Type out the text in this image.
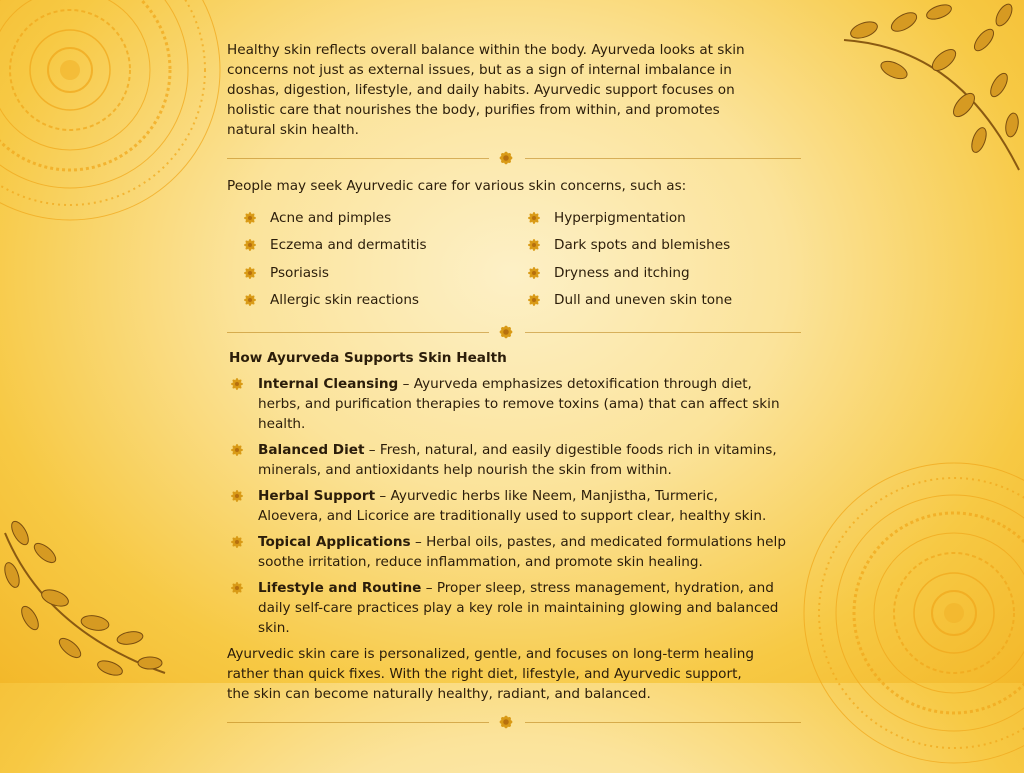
Healthy skin reflects overall balance within the body. Ayurveda looks at skin concerns not just as external issues, but as a sign of internal imbalance in doshas, digestion, lifestyle, and daily habits. Ayurvedic support focuses on holistic care that nourishes the body, purifies from within, and promotes natural skin health.

People may seek Ayurvedic care for various skin concerns, such as:

Acne and pimples	Hyperpigmentation
Eczema and dermatitis	Dark spots and blemishes
Psoriasis	Dryness and itching
Allergic skin reactions	Dull and uneven skin tone
How Ayurveda Supports Skin Health

Internal Cleansing – Ayurveda emphasizes detoxification through diet, herbs, and purification therapies to remove toxins (ama) that can affect skin health.

Balanced Diet – Fresh, natural, and easily digestible foods rich in vitamins, minerals, and antioxidants help nourish the skin from within.

Herbal Support – Ayurvedic herbs like Neem, Manjistha, Turmeric, Aloevera, and Licorice are traditionally used to support clear, healthy skin.

Topical Applications – Herbal oils, pastes, and medicated formulations help soothe irritation, reduce inflammation, and promote skin healing.

Lifestyle and Routine – Proper sleep, stress management, hydration, and daily self-care practices play a key role in maintaining glowing and balanced skin.

Ayurvedic skin care is personalized, gentle, and focuses on long-term healing rather than quick fixes. With the right diet, lifestyle, and Ayurvedic support, the skin can become naturally healthy, radiant, and balanced.
